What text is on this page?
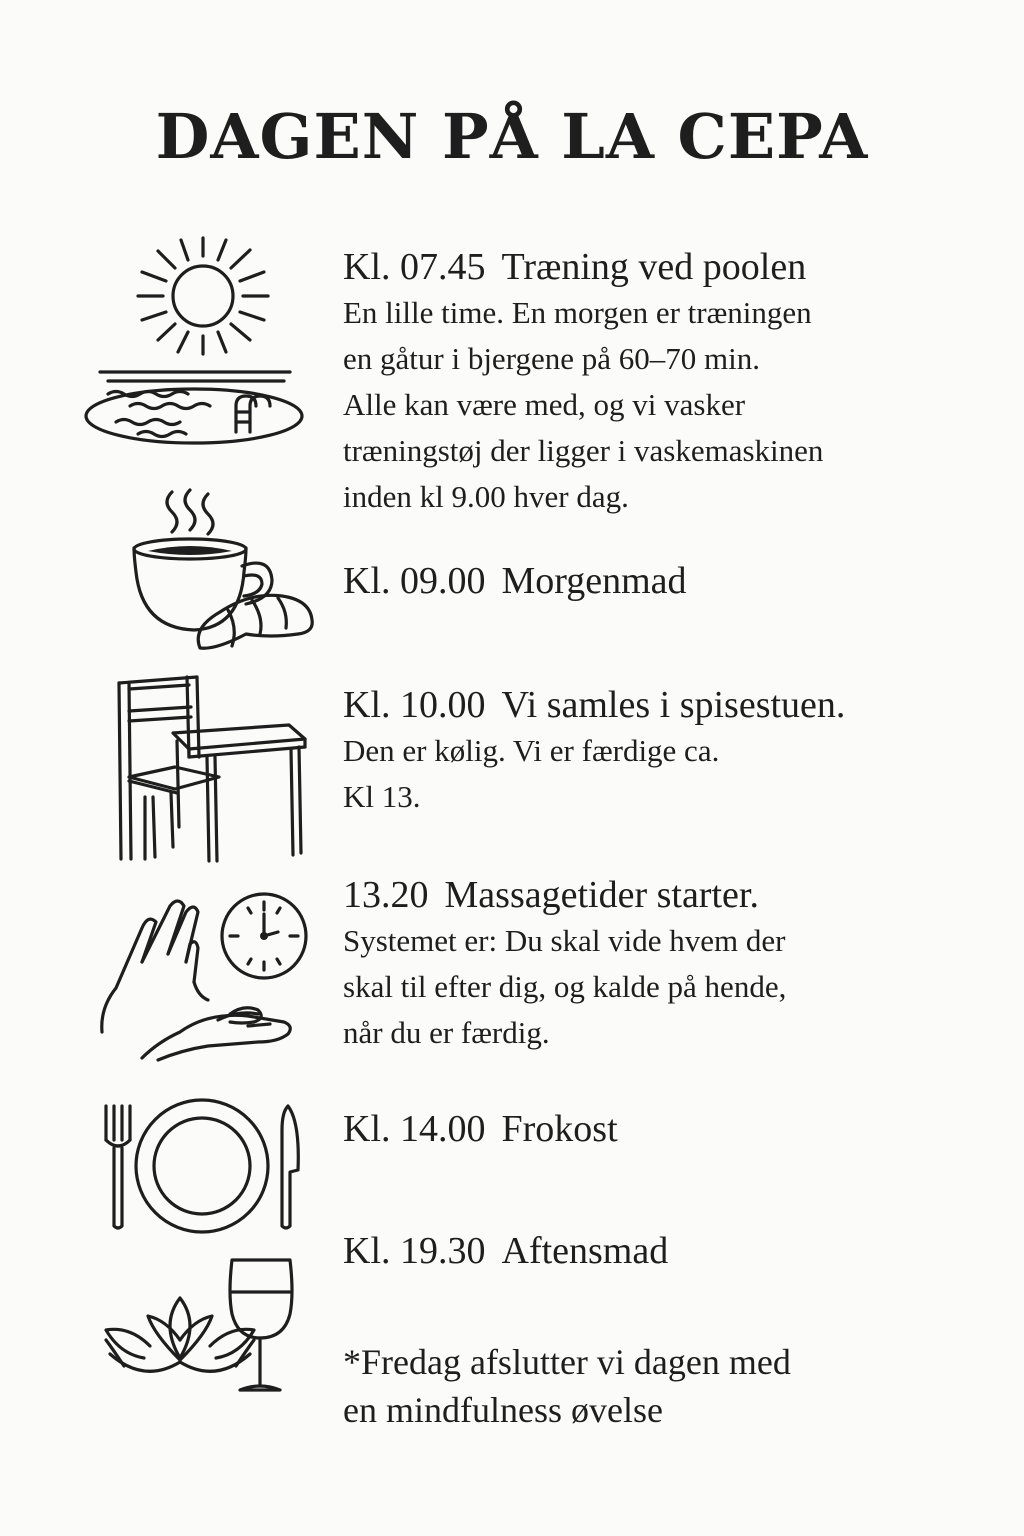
DAGEN PÅ LA CEPA

Kl. 07.45 Træning ved poolen

En lille time. En morgen er træningen
en gåtur i bjergene på 60–70 min.
Alle kan være med, og vi vasker
træningstøj der ligger i vaskemaskinen
inden kl 9.00 hver dag.

Kl. 09.00 Morgenmad

Kl. 10.00 Vi samles i spisestuen.

Den er kølig. Vi er færdige ca.
Kl 13.

13.20 Massagetider starter.

Systemet er: Du skal vide hvem der
skal til efter dig, og kalde på hende,
når du er færdig.

Kl. 14.00 Frokost

Kl. 19.30 Aftensmad

*Fredag afslutter vi dagen med
en mindfulness øvelse
